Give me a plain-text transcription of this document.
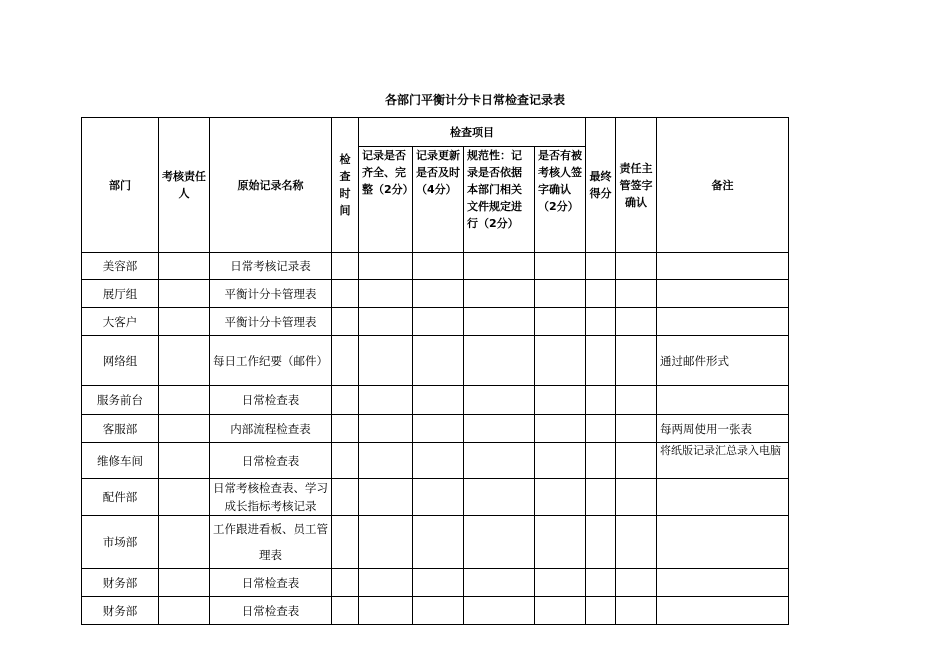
各部门平衡计分卡日常检查记录表
部门	考核责任人	原始记录名称	检查时间	检查项目				最终得分	责任主管签字确认	备注
				记录是否齐全、完整（2分）	记录更新是否及时（4分）	规范性：记录是否依据本部门相关文件规定进行（2分）	是否有被考核人签字确认（2分）			
美容部		日常考核记录表								
展厅组		平衡计分卡管理表								
大客户		平衡计分卡管理表								
网络组		每日工作纪要（邮件）								通过邮件形式
服务前台		日常检查表								
客服部		内部流程检查表								每两周使用一张表
维修车间		日常检查表								将纸版记录汇总录入电脑
配件部		日常考核检查表、学习成长指标考核记录								
市场部		工作跟进看板、员工管理表								
财务部		日常检查表								
财务部		日常检查表								
